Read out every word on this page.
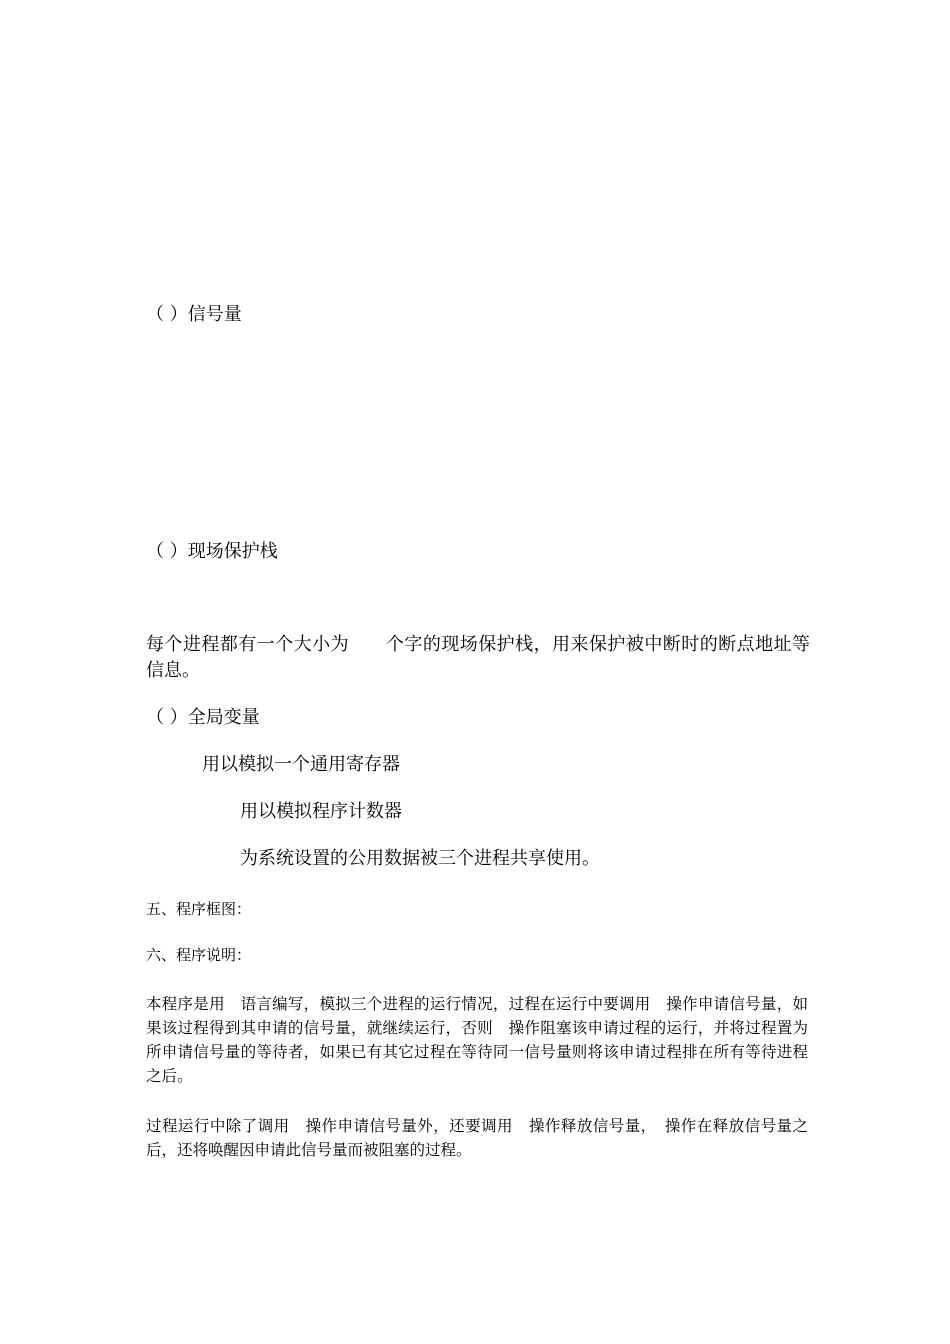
（ ）信号量
（ ）现场保护栈
每个进程都有一个大小为　　个字的现场保护栈，用来保护被中断时的断点地址等信息。
（ ）全局变量
用以模拟一个通用寄存器
用以模拟程序计数器
为系统设置的公用数据被三个进程共享使用。
五、程序框图：
六、程序说明：
本程序是用　语言编写，模拟三个进程的运行情况，过程在运行中要调用　操作申请信号量，如果该过程得到其申请的信号量，就继续运行，否则　操作阻塞该申请过程的运行，并将过程置为所申请信号量的等待者，如果已有其它过程在等待同一信号量则将该申请过程排在所有等待进程之后。
过程运行中除了调用　操作申请信号量外，还要调用　操作释放信号量，　操作在释放信号量之后，还将唤醒因申请此信号量而被阻塞的过程。
